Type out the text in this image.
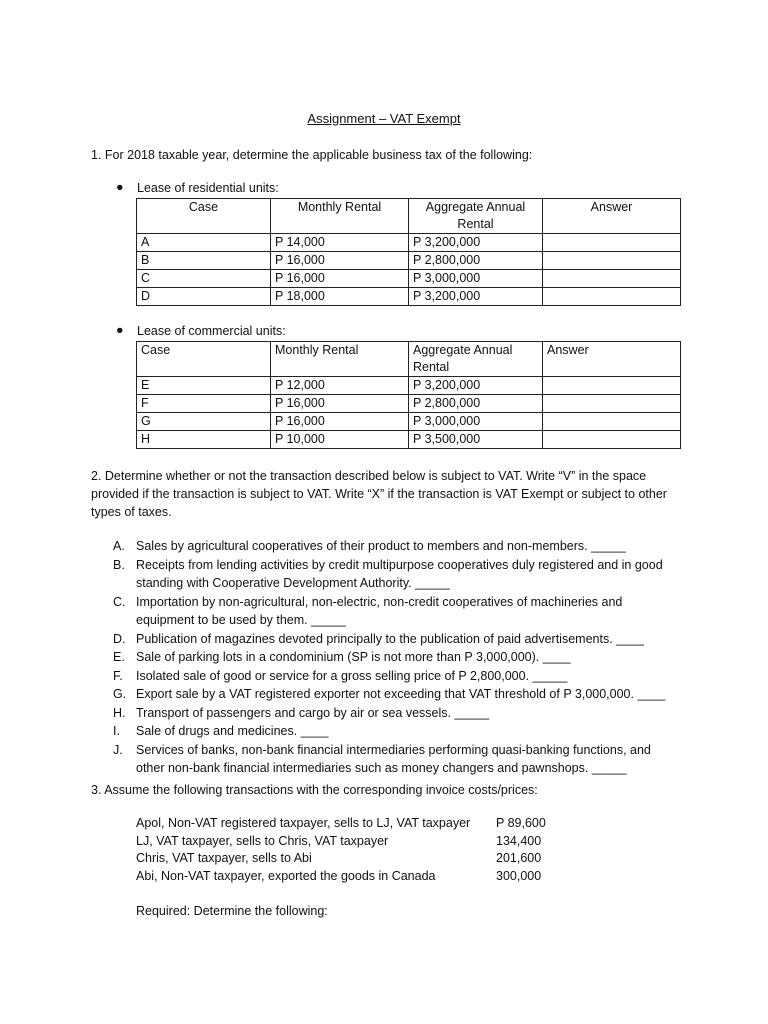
Assignment – VAT Exempt
1. For 2018 taxable year, determine the applicable business tax of the following:
● Lease of residential units:
Case	Monthly Rental	Aggregate Annual Rental	Answer
A	P 14,000	P 3,200,000	
B	P 16,000	P 2,800,000	
C	P 16,000	P 3,000,000	
D	P 18,000	P 3,200,000	
● Lease of commercial units:
Case	Monthly Rental	Aggregate Annual Rental	Answer
E	P 12,000	P 3,200,000	
F	P 16,000	P 2,800,000	
G	P 16,000	P 3,000,000	
H	P 10,000	P 3,500,000	
2. Determine whether or not the transaction described below is subject to VAT. Write “V” in the space provided if the transaction is subject to VAT. Write “X” if the transaction is VAT Exempt or subject to other types of taxes.
A. Sales by agricultural cooperatives of their product to members and non-members. _____
B. Receipts from lending activities by credit multipurpose cooperatives duly registered and in good standing with Cooperative Development Authority. _____
C. Importation by non-agricultural, non-electric, non-credit cooperatives of machineries and equipment to be used by them. _____
D. Publication of magazines devoted principally to the publication of paid advertisements. ____
E. Sale of parking lots in a condominium (SP is not more than P 3,000,000). ____
F. Isolated sale of good or service for a gross selling price of P 2,800,000. _____
G. Export sale by a VAT registered exporter not exceeding that VAT threshold of P 3,000,000. ____
H. Transport of passengers and cargo by air or sea vessels. _____
I. Sale of drugs and medicines. ____
J. Services of banks, non-bank financial intermediaries performing quasi-banking functions, and other non-bank financial intermediaries such as money changers and pawnshops. _____
3. Assume the following transactions with the corresponding invoice costs/prices:
Apol, Non-VAT registered taxpayer, sells to LJ, VAT taxpayer P 89,600
LJ, VAT taxpayer, sells to Chris, VAT taxpayer	134,400
Chris, VAT taxpayer, sells to Abi	201,600
Abi, Non-VAT taxpayer, exported the goods in Canada	300,000
Required: Determine the following:
